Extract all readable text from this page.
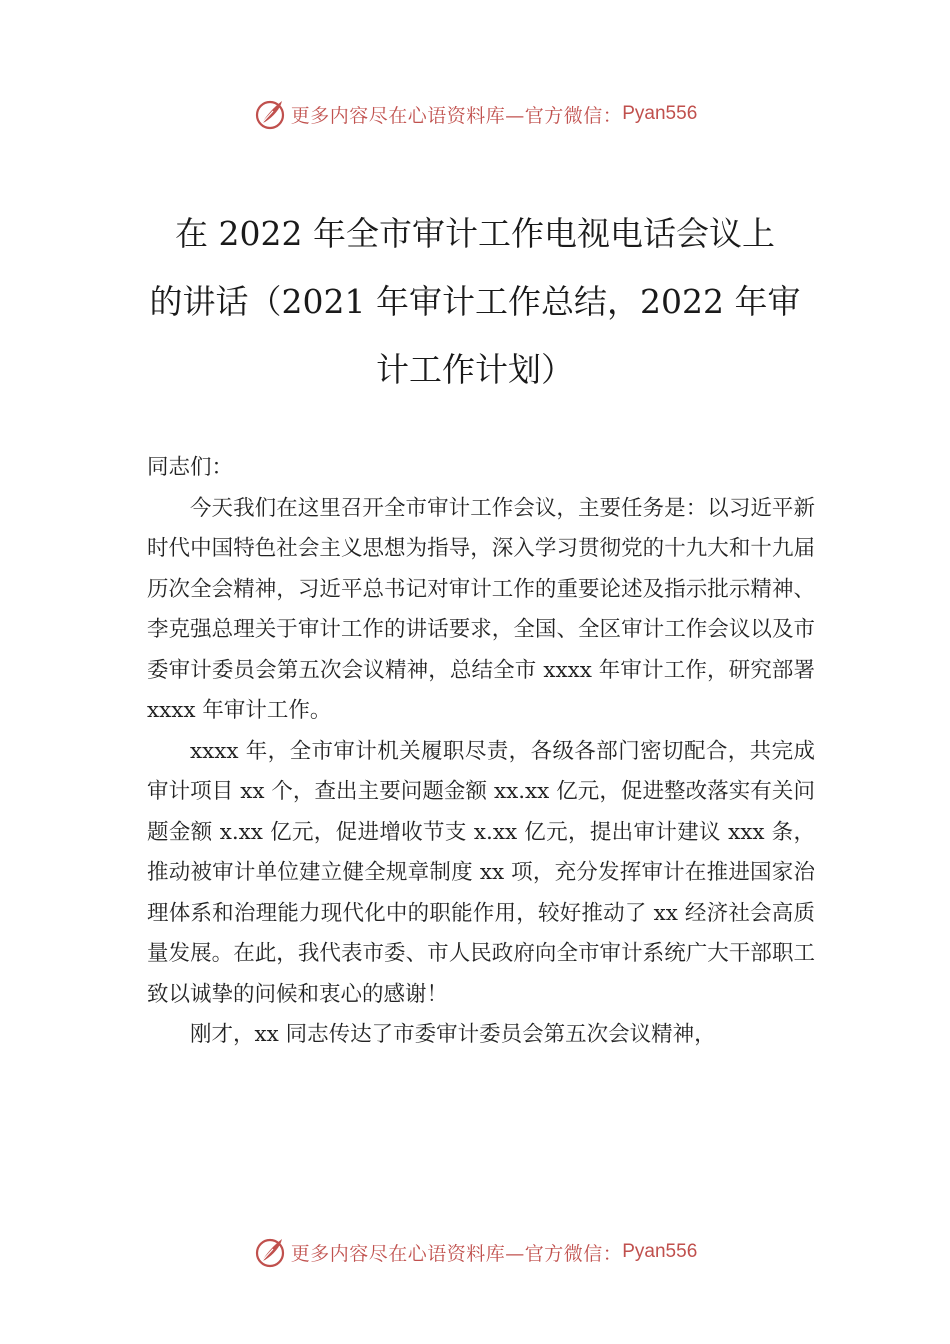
更多内容尽在心语资料库—官方微信： Pyan556
在 2022 年全市审计工作电视电话会议上
的讲话（2021 年审计工作总结，2022 年审
计工作计划）

同志们：

今天我们在这里召开全市审计工作会议，主要任务是：以习近平新时代中国特色社会主义思想为指导，深入学习贯彻党的十九大和十九届历次全会精神，习近平总书记对审计工作的重要论述及指示批示精神、李克强总理关于审计工作的讲话要求，全国、全区审计工作会议以及市委审计委员会第五次会议精神，总结全市 xxxx 年审计工作，研究部署 xxxx 年审计工作。

xxxx 年，全市审计机关履职尽责，各级各部门密切配合，共完成审计项目 xx 个，查出主要问题金额 xx.xx 亿元，促进整改落实有关问题金额 x.xx 亿元，促进增收节支 x.xx 亿元，提出审计建议 xxx 条，推动被审计单位建立健全规章制度 xx 项，充分发挥审计在推进国家治理体系和治理能力现代化中的职能作用，较好推动了 xx 经济社会高质量发展。在此，我代表市委、市人民政府向全市审计系统广大干部职工致以诚挚的问候和衷心的感谢！

刚才，xx 同志传达了市委审计委员会第五次会议精神，

更多内容尽在心语资料库—官方微信： Pyan556
